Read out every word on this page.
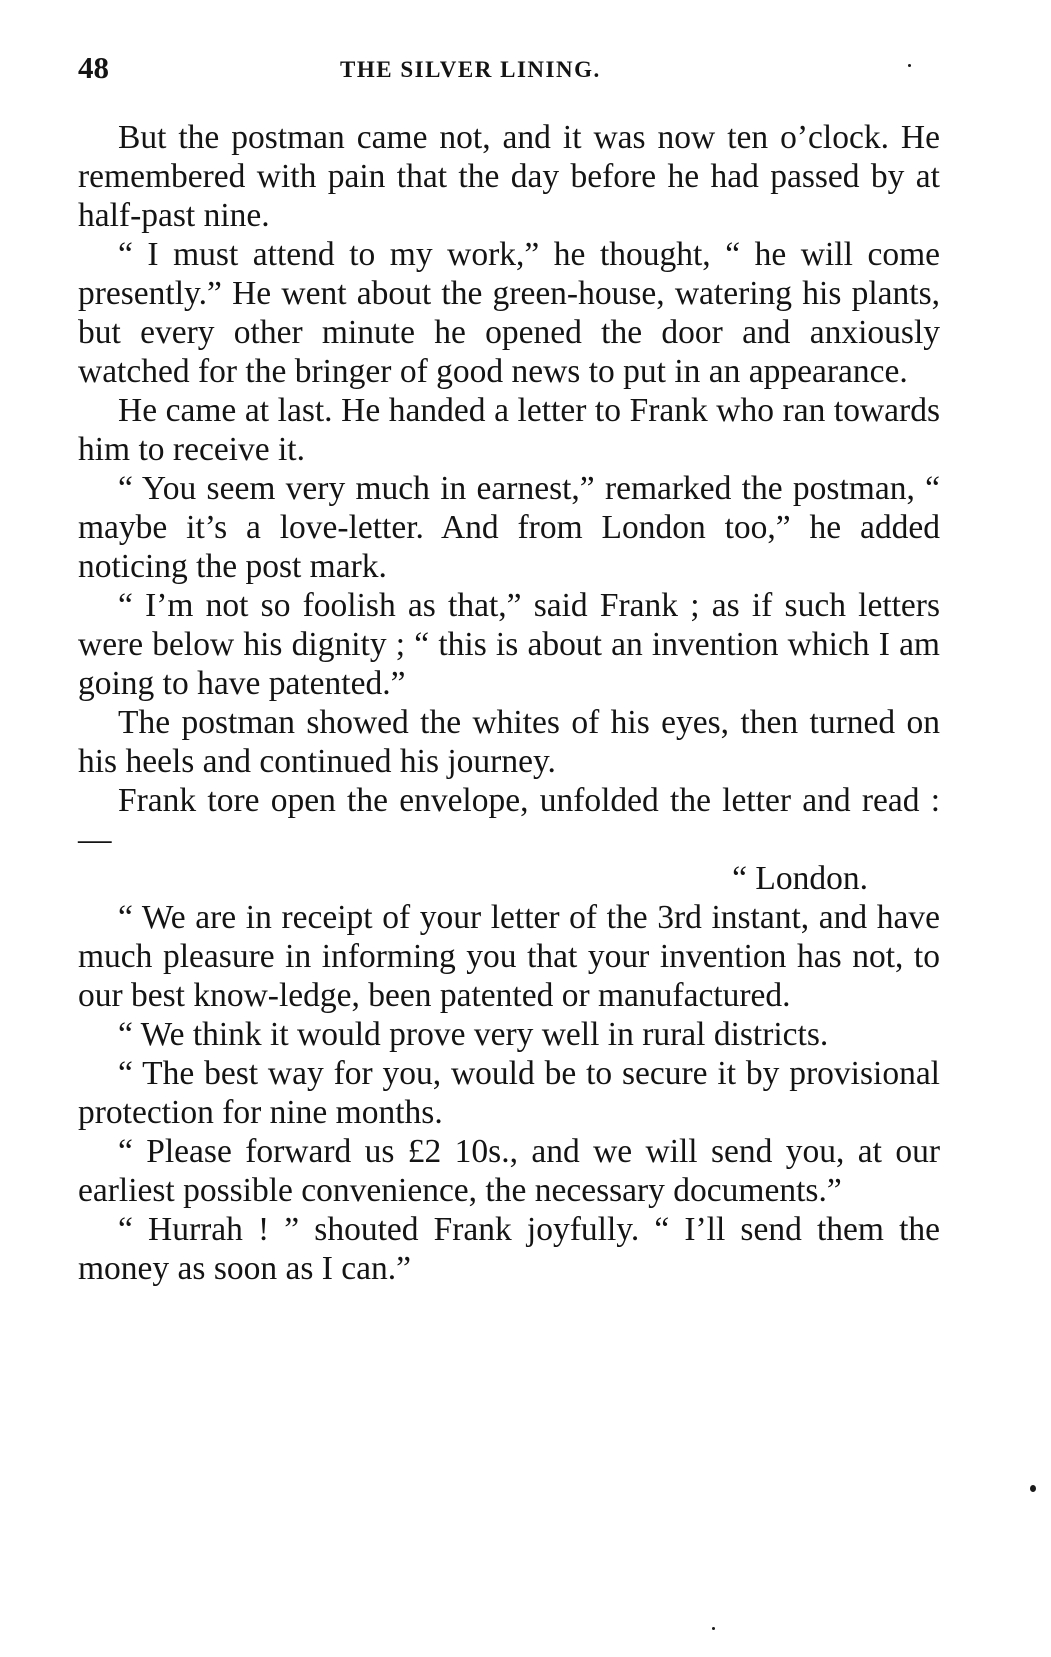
48	THE SILVER LINING.

But the postman came not, and it was now ten o’clock. He remembered with pain that the day before he had passed by at half-past nine.

“ I must attend to my work,” he thought, “ he will come presently.” He went about the green-house, watering his plants, but every other minute he opened the door and anxiously watched for the bringer of good news to put in an appearance.

He came at last. He handed a letter to Frank who ran towards him to receive it.

“ You seem very much in earnest,” remarked the postman, “ maybe it’s a love-letter. And from London too,” he added noticing the post mark.

“ I’m not so foolish as that,” said Frank ; as if such letters were below his dignity ; “ this is about an invention which I am going to have patented.”

The postman showed the whites of his eyes, then turned on his heels and continued his journey.

Frank tore open the envelope, unfolded the letter and read :—

“ London.

“ We are in receipt of your letter of the 3rd instant, and have much pleasure in informing you that your invention has not, to our best know-ledge, been patented or manufactured.

“ We think it would prove very well in rural districts.

“ The best way for you, would be to secure it by provisional protection for nine months.

“ Please forward us £2 10s., and we will send you, at our earliest possible convenience, the necessary documents.”

“ Hurrah ! ” shouted Frank joyfully. “ I’ll send them the money as soon as I can.”
